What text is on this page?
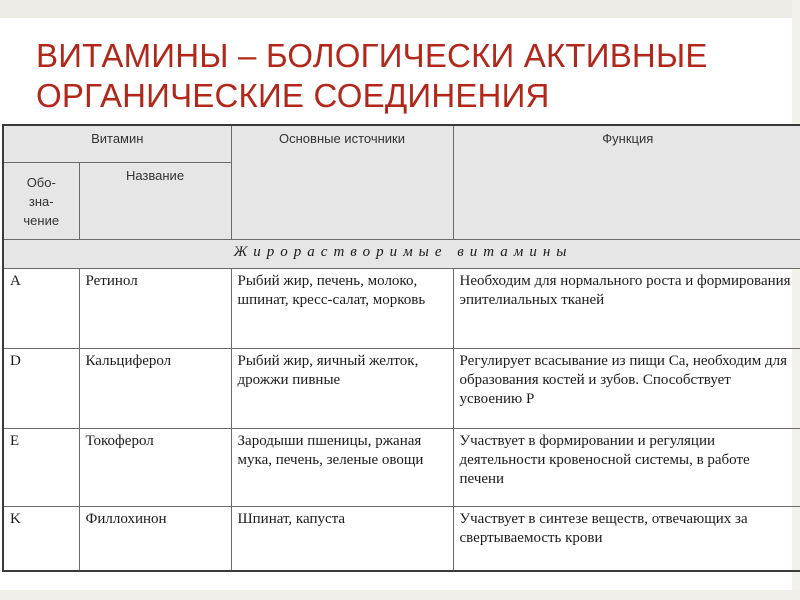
ВИТАМИНЫ – БОЛОГИЧЕСКИ АКТИВНЫЕ
ОРГАНИЧЕСКИЕ СОЕДИНЕНИЯ
Витамин		Основные источники	Функция
Обо-
зна-
чение	Название		
Жирорастворимые витамины			
A	Ретинол	Рыбий жир, печень, молоко, шпинат, кресс-салат, морковь	Необходим для нормального роста и формирования эпителиальных тканей
D	Кальциферол	Рыбий жир, яичный желток, дрожжи пивные	Регулирует всасывание из пищи Са, необходим для образования костей и зубов. Способствует усвоению Р
E	Токоферол	Зародыши пшеницы, ржаная мука, печень, зеленые овощи	Участвует в формировании и регуляции деятельности кровеносной системы, в работе печени
K	Филлохинон	Шпинат, капуста	Участвует в синтезе веществ, отвечающих за свертываемость крови
